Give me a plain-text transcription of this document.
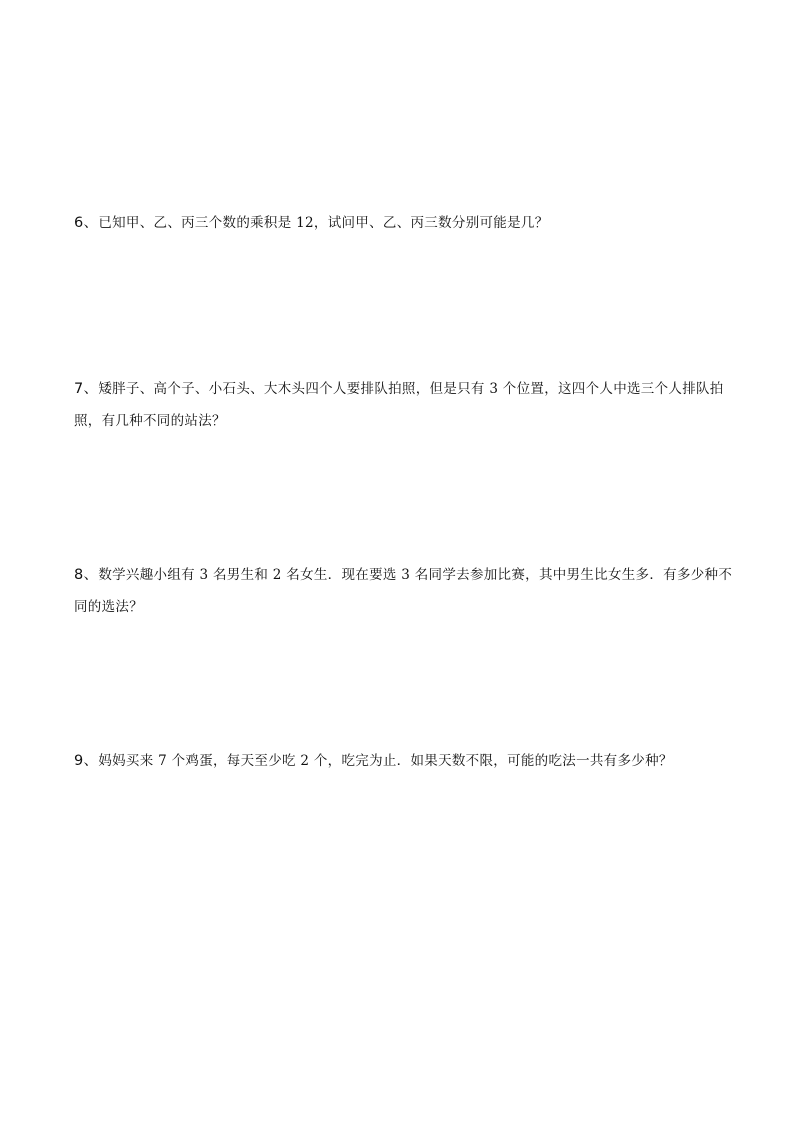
6、已知甲、乙、丙三个数的乘积是 12，试问甲、乙、丙三数分别可能是几？
7、矮胖子、高个子、小石头、大木头四个人要排队拍照，但是只有 3 个位置，这四个人中选三个人排队拍照，有几种不同的站法？
8、数学兴趣小组有 3 名男生和 2 名女生．现在要选 3 名同学去参加比赛，其中男生比女生多．有多少种不同的选法？
9、妈妈买来 7 个鸡蛋，每天至少吃 2 个，吃完为止．如果天数不限，可能的吃法一共有多少种？
